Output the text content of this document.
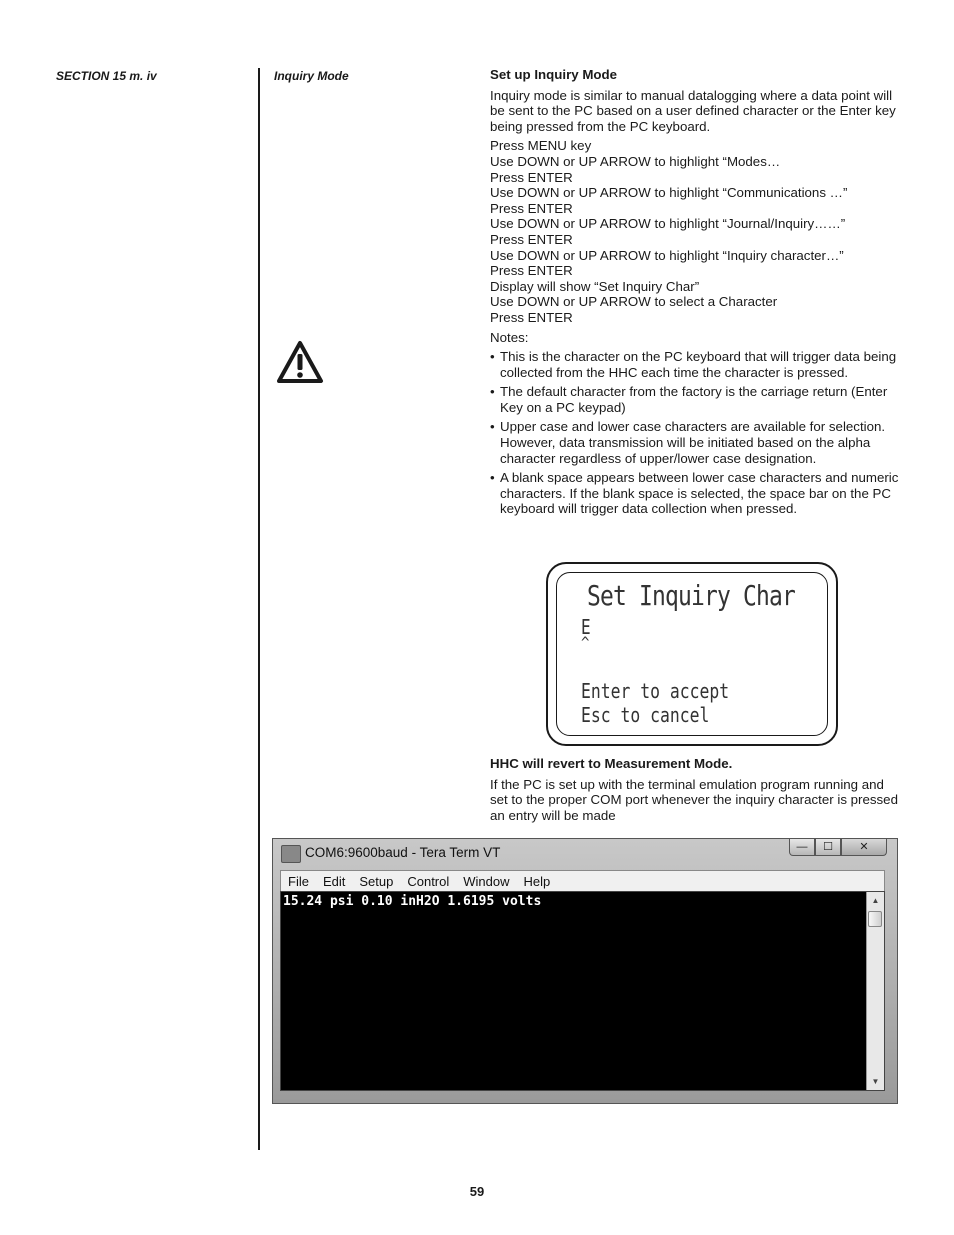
SECTION 15 m. iv	Inquiry Mode	Set up Inquiry Mode

Inquiry mode is similar to manual datalogging where a data point will be sent to the PC based on a user defined character or the Enter key being pressed from the PC keyboard.

Press MENU key
Use DOWN or UP ARROW to highlight “Modes…
Press ENTER
Use DOWN or UP ARROW to highlight “Communications …”
Press ENTER
Use DOWN or UP ARROW to highlight “Journal/Inquiry……”
Press ENTER
Use DOWN or UP ARROW to highlight “Inquiry character…”
Press ENTER
Display will show “Set Inquiry Char”
Use DOWN or UP ARROW to select a Character
Press ENTER

Notes:

• This is the character on the PC keyboard that will trigger data being collected from the HHC each time the character is pressed.
• The default character from the factory is the carriage return (Enter Key on a PC keypad)
• Upper case and lower case characters are available for selection. However, data transmission will be initiated based on the alpha character regardless of upper/lower case designation.
• A blank space appears between lower case characters and numeric characters. If the blank space is selected, the space bar on the PC keyboard will trigger data collection when pressed.
Set Inquiry Char
E
^
Enter to accept
Esc to cancel

HHC will revert to Measurement Mode.

If the PC is set up with the terminal emulation program running and set to the proper COM port whenever the inquiry character is pressed an entry will be made

COM6:9600baud - Tera Term VT	—	☐	✕
File	Edit	Setup	Control	Window	Help
15.24 psi 0.10 inH2O 1.6195 volts	▲
▼
59
